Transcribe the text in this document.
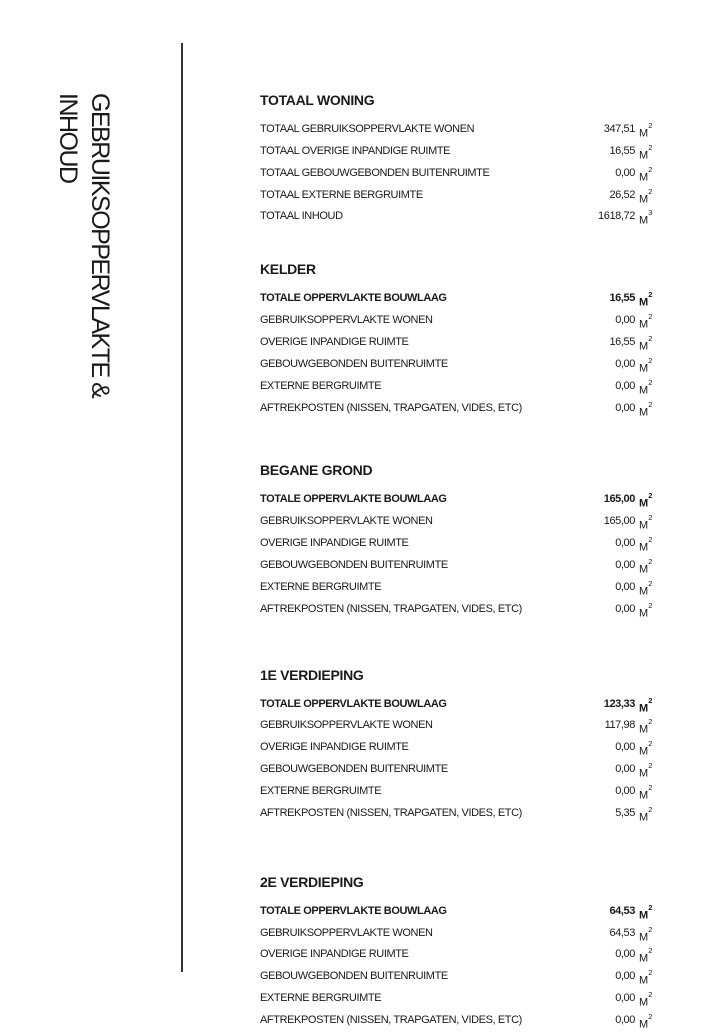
GEBRUIKSOPPERVLAKTE &
INHOUD	TOTAAL WONING
TOTAAL GEBRUIKSOPPERVLAKTE WONEN	347,51 $M^2$
TOTAAL OVERIGE INPANDIGE RUIMTE	16,55 $M^2$
TOTAAL GEBOUWGEBONDEN BUITENRUIMTE	0,00 $M^2$
TOTAAL EXTERNE BERGRUIMTE	26,52 $M^2$
TOTAAL INHOUD	1618,72 $M^3$
KELDER
TOTALE OPPERVLAKTE BOUWLAAG	16,55 $M^2$
GEBRUIKSOPPERVLAKTE WONEN	0,00 $M^2$
OVERIGE INPANDIGE RUIMTE	16,55 $M^2$
GEBOUWGEBONDEN BUITENRUIMTE	0,00 $M^2$
EXTERNE BERGRUIMTE	0,00 $M^2$
AFTREKPOSTEN (NISSEN, TRAPGATEN, VIDES, ETC)	0,00 $M^2$
BEGANE GROND
TOTALE OPPERVLAKTE BOUWLAAG	165,00 $M^2$
GEBRUIKSOPPERVLAKTE WONEN	165,00 $M^2$
OVERIGE INPANDIGE RUIMTE	0,00 $M^2$
GEBOUWGEBONDEN BUITENRUIMTE	0,00 $M^2$
EXTERNE BERGRUIMTE	0,00 $M^2$
AFTREKPOSTEN (NISSEN, TRAPGATEN, VIDES, ETC)	0,00 $M^2$
1E VERDIEPING
TOTALE OPPERVLAKTE BOUWLAAG	123,33 $M^2$
GEBRUIKSOPPERVLAKTE WONEN	117,98 $M^2$
OVERIGE INPANDIGE RUIMTE	0,00 $M^2$
GEBOUWGEBONDEN BUITENRUIMTE	0,00 $M^2$
EXTERNE BERGRUIMTE	0,00 $M^2$
AFTREKPOSTEN (NISSEN, TRAPGATEN, VIDES, ETC)	5,35 $M^2$
2E VERDIEPING
TOTALE OPPERVLAKTE BOUWLAAG	64,53 $M^2$
GEBRUIKSOPPERVLAKTE WONEN	64,53 $M^2$
OVERIGE INPANDIGE RUIMTE	0,00 $M^2$
GEBOUWGEBONDEN BUITENRUIMTE	0,00 $M^2$
EXTERNE BERGRUIMTE	0,00 $M^2$
AFTREKPOSTEN (NISSEN, TRAPGATEN, VIDES, ETC)	0,00 $M^2$
